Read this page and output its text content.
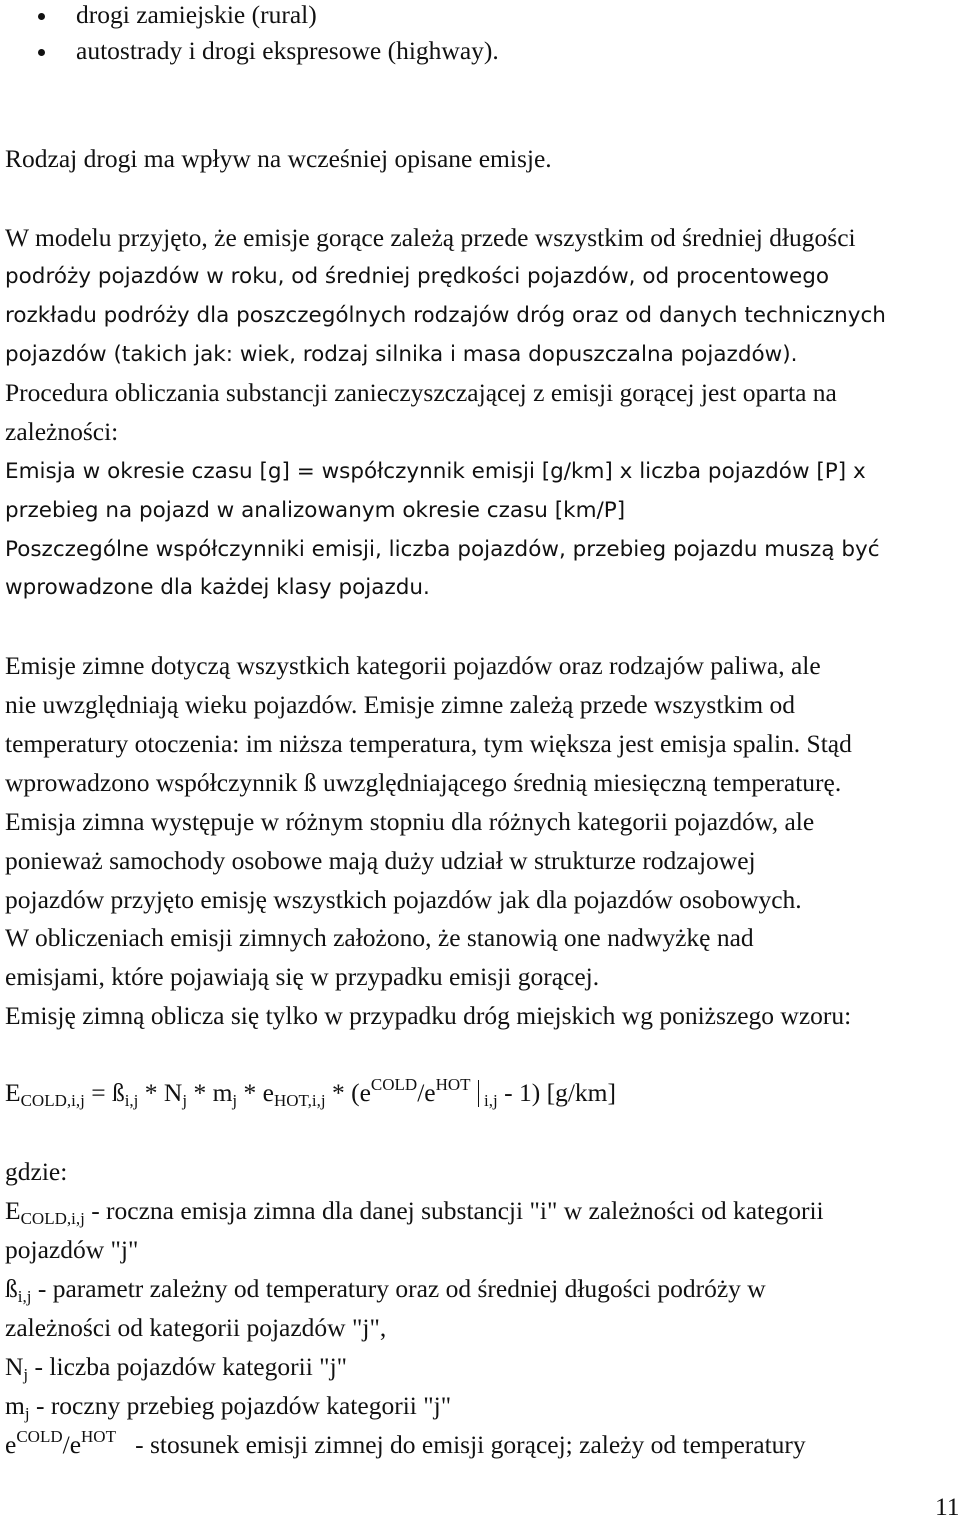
drogi zamiejskie (rural)
autostrady i drogi ekspresowe (highway).
Rodzaj drogi ma wpływ na wcześniej opisane emisje.
W modelu przyjęto, że emisje gorące zależą przede wszystkim od średniej długości
podróży pojazdów w roku, od średniej prędkości pojazdów, od procentowego
rozkładu podróży dla poszczególnych rodzajów dróg oraz od danych technicznych
pojazdów (takich jak: wiek, rodzaj silnika i masa dopuszczalna pojazdów).
Procedura obliczania substancji zanieczyszczającej z emisji gorącej jest oparta na
zależności:
Emisja w okresie czasu [g] = współczynnik emisji [g/km] x liczba pojazdów [P] x
przebieg na pojazd w analizowanym okresie czasu [km/P]
Poszczególne współczynniki emisji, liczba pojazdów, przebieg pojazdu muszą być
wprowadzone dla każdej klasy pojazdu.
Emisje zimne dotyczą wszystkich kategorii pojazdów oraz rodzajów paliwa, ale
nie uwzględniają wieku pojazdów. Emisje zimne zależą przede wszystkim od
temperatury otoczenia: im niższa temperatura, tym większa jest emisja spalin. Stąd
wprowadzono współczynnik ß uwzględniającego średnią miesięczną temperaturę.
Emisja zimna występuje w różnym stopniu dla różnych kategorii pojazdów, ale
ponieważ samochody osobowe mają duży udział w strukturze rodzajowej
pojazdów przyjęto emisję wszystkich pojazdów jak dla pojazdów osobowych.
W obliczeniach emisji zimnych założono, że stanowią one nadwyżkę nad
emisjami, które pojawiają się w przypadku emisji gorącej.
Emisję zimną oblicza się tylko w przypadku dróg miejskich wg poniższego wzoru:
$E_{COLD,i,j}$ = $ß_{i,j} * N_j * m_j * e_{HOT,i,j} * (e^{COLD}/e^{HOT}_{i,j} - 1)$ [g/km]
gdzie:
$E_{COLD,i,j}$ - roczna emisja zimna dla danej substancji "i" w zależności od kategorii
pojazdów "j"
$ß_{i,j}$ - parametr zależny od temperatury oraz od średniej długości podróży w
zależności od kategorii pojazdów "j",
$N_j$ - liczba pojazdów kategorii "j"
$m_j$ - roczny przebieg pojazdów kategorii "j"
$e^{COLD}/e^{HOT}$   - stosunek emisji zimnej do emisji gorącej; zależy od temperatury
11
